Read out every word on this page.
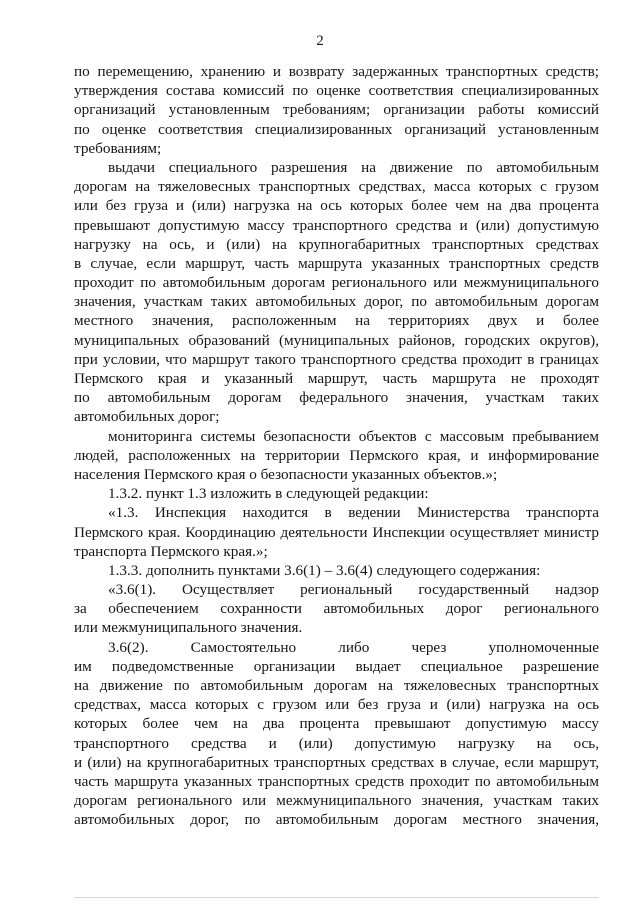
2
по перемещению, хранению и возврату задержанных транспортных средств;
утверждения состава комиссий по оценке соответствия специализированных
организаций установленным требованиям; организации работы комиссий
по оценке соответствия специализированных организаций установленным
требованиям;
выдачи специального разрешения на движение по автомобильным
дорогам на тяжеловесных транспортных средствах, масса которых с грузом
или без груза и (или) нагрузка на ось которых более чем на два процента
превышают допустимую массу транспортного средства и (или) допустимую
нагрузку на ось, и (или) на крупногабаритных транспортных средствах
в случае, если маршрут, часть маршрута указанных транспортных средств
проходит по автомобильным дорогам регионального или межмуниципального
значения, участкам таких автомобильных дорог, по автомобильным дорогам
местного значения, расположенным на территориях двух и более
муниципальных образований (муниципальных районов, городских округов),
при условии, что маршрут такого транспортного средства проходит в границах
Пермского края и указанный маршрут, часть маршрута не проходят
по автомобильным дорогам федерального значения, участкам таких
автомобильных дорог;
мониторинга системы безопасности объектов с массовым пребыванием
людей, расположенных на территории Пермского края, и информирование
населения Пермского края о безопасности указанных объектов.»;
1.3.2. пункт 1.3 изложить в следующей редакции:
«1.3. Инспекция находится в ведении Министерства транспорта
Пермского края. Координацию деятельности Инспекции осуществляет министр
транспорта Пермского края.»;
1.3.3. дополнить пунктами 3.6(1) – 3.6(4) следующего содержания:
«3.6(1). Осуществляет региональный государственный надзор
за обеспечением сохранности автомобильных дорог регионального
или межмуниципального значения.
3.6(2). Самостоятельно либо через уполномоченные
им подведомственные организации выдает специальное разрешение
на движение по автомобильным дорогам на тяжеловесных транспортных
средствах, масса которых с грузом или без груза и (или) нагрузка на ось
которых более чем на два процента превышают допустимую массу
транспортного средства и (или) допустимую нагрузку на ось,
и (или) на крупногабаритных транспортных средствах в случае, если маршрут,
часть маршрута указанных транспортных средств проходит по автомобильным
дорогам регионального или межмуниципального значения, участкам таких
автомобильных дорог, по автомобильным дорогам местного значения,
